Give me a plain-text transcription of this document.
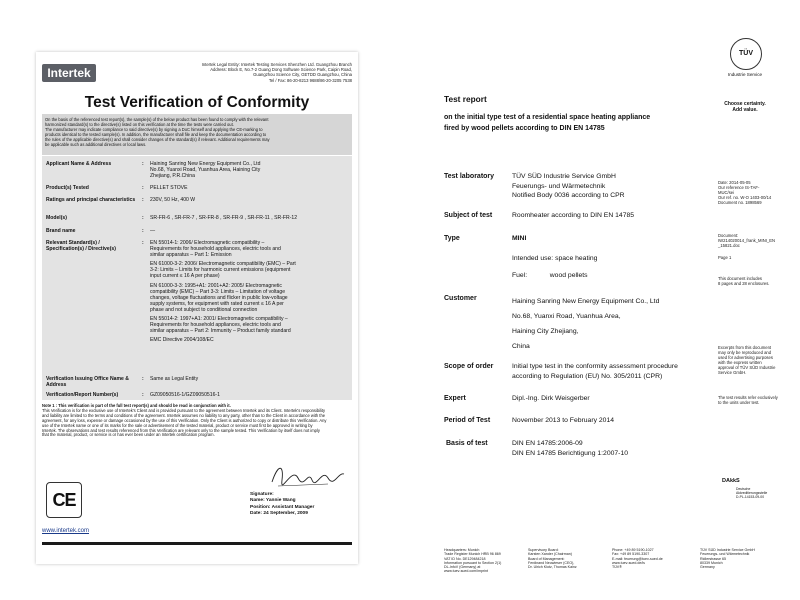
Intertek
Intertek Legal Entity: Intertek Testing Services Shenzhen Ltd. Guangzhou Branch
Address: Block E, No.7-2 Guang Dong Software Science Park, Caipin Road,
Guangzhou Science City, GETDD Guangzhou, China
Tel / Fax: 86-20-8213 9688/86-20-3205 7538
Test Verification of Conformity
On the basis of the referenced test report(s), the sample(s) of the below product has been found to comply with the relevant
harmonized standard(s) to the directive(s) listed on this verification at the time the tests were carried out.
The manufacturer may indicate compliance to said directive(s) by signing a DoC himself and applying the CE-marking to
products identical to the tested sample(s). In addition, the manufacturer shall file and keep the documentation according to
the rules of the applicable directive(s) and shall consider changes of the standard(s) if relevant. Additional requirements may
be applicable such as additional directives or local laws.
Applicant Name & Address	: Haining Sanring New Energy Equipment Co., Ltd
No.68, Yuanxi Road, Yuanhua Area, Haining City
Zhejiang, P.R.China
Product(s) Tested	: PELLET STOVE
Ratings and principal characteristics : 230V, 50 Hz, 400 W
Model(s)	: SR-FR-6 , SR-FR-7 , SR-FR-8 , SR-FR-9 , SR-FR-11 , SR-FR-12
Brand name	: —
Relevant Standard(s) / Specification(s) / Directive(s)
: EN 55014-1: 2006/ Electromagnetic compatibility –
Requirements for household appliances, electric tools and
similar apparatus – Part 1: Emission
EN 61000-3-2: 2006/ Electromagnetic compatibility (EMC) – Part
3-2: Limits – Limits for harmonic current emissions (equipment
input current ≤ 16 A per phase)
EN 61000-3-3: 1995+A1: 2001+A2: 2005/ Electromagnetic
compatibility (EMC) – Part 3-3: Limits – Limitation of voltage
changes, voltage fluctuations and flicker in public low-voltage
supply systems, for equipment with rated current ≤ 16 A per
phase and not subject to conditional connection
EN 55014-2: 1997+A1: 2001/ Electromagnetic compatibility –
Requirements for household appliances, electric tools and
similar apparatus – Part 2: Immunity – Product family standard
EMC Directive 2004/108/EC
Verification Issuing Office Name & Address
: Same as Legal Entity
Verification/Report Number(s)	: GZ09050516-1/GZ09050516-1
Note 1 : This verification is part of the full test report(s) and should be read in conjunction with it.
This Verification is for the exclusive use of Intertek's Client and is provided pursuant to the agreement between Intertek and its Client. Intertek's responsibility
and liability are limited to the terms and conditions of the agreement. Intertek assumes no liability to any party, other than to the Client in accordance with the
agreement, for any loss, expense or damage occasioned by the use of this Verification. Only the Client is authorized to copy or distribute this Verification. Any
use of the Intertek name or one of its marks for the sale or advertisement of the tested material, product or service must first be approved in writing by
Intertek. The observations and test results referenced from this Verification are relevant only to the sample tested. This Verification by itself does not imply
that the material, product, or service is or has ever been under an Intertek certification program.
CE	Signature:
Name: Yannie Wang
Position: Assistant Manager
Date: 24 September, 2009
www.intertek.com
TÜV
Industrie Service
Choose certainty.
Add value.
Test report
on the initial type test of a residential space heating appliance
fired by wood pellets according to DIN EN 14785
Test laboratory	TÜV SÜD Industrie Service GmbH
Feuerungs- und Wärmetechnik
Notified Body 0036 according to CPR
Subject of test	Roomheater according to DIN EN 14785
Type	MINI
Intended use: space heating
Fuel:            wood pellets
Customer	Haining Sanring New Energy Equipment Co., Ltd
No.68, Yuanxi Road, Yuanhua Area,
Haining City Zhejiang,
China
Scope of order	Initial type test in the conformity assessment procedure
according to Regulation (EU) No. 305/2011 (CPR)
Expert	Dipl.-Ing. Dirk Weisgerber
Period of Test	November 2013 to February 2014
Basis of test	DIN EN 14785:2006-09
DIN EN 14785 Berichtigung 1:2007-10
Date: 2014-05-05
Our reference IS-TAF-
MUC/sei
Our ref. no. W-O 1403-00/14
Document no. 1898569
Document:
IW214020014_frank_MINI_EN
_15821.doc
Page 1
This document includes
8 pages and 28 enclosures.
Excerpts from this document
may only be reproduced and
used for advertising purposes
with the express written
approval of TÜV SÜD Industrie
Service GmbH.
The test results refer exclusively
to the units under test.
DAkkS
Deutsche
Akkreditierungsstelle
D-PL-14153-09-00
Headquarters: Munich
Trade Register Munich HRB 96 869
VAT ID No. DE129484218
Information pursuant to Section 2(1)
DL-InfoV (Germany) at
www.tuev-sued.com/imprint
Supervisory Board:
Karsten Xander (Chairman)
Board of Management:
Ferdinand Neuwieser (CEO),
Dr. Ulrich Klotz, Thomas Kainz
Phone: +49 89 5190-1027
Fax: +49 89 5190-3307
E-mail: feuerung@tuev-sued.de
www.tuev-sued.de/is
TÜV®
TÜV SÜD Industrie Service GmbH
Feuerungs- und Wärmetechnik
Ridlerstrasse 65
80339 Munich
Germany
